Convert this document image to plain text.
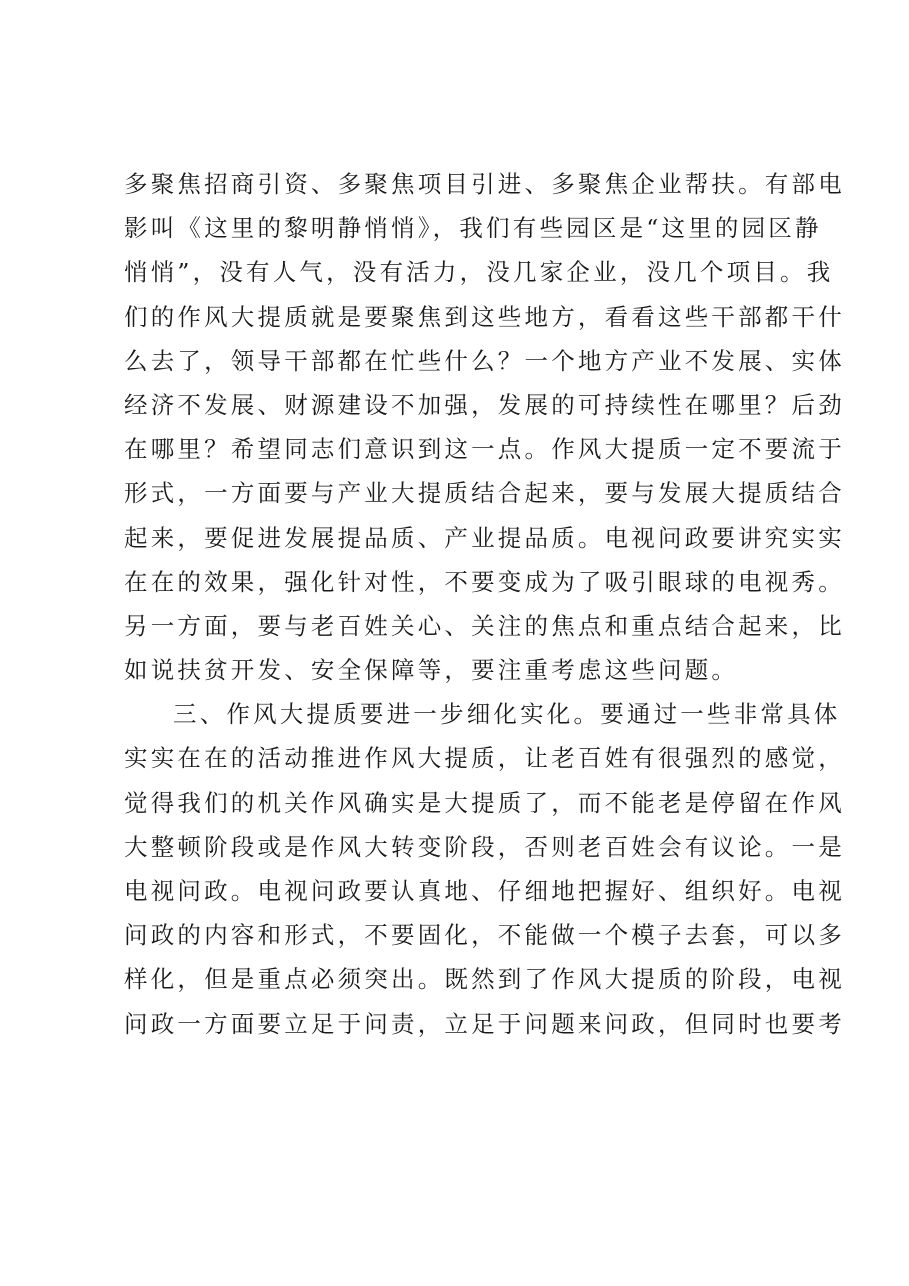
多聚焦招商引资、多聚焦项目引进、多聚焦企业帮扶。有部电
影叫《这里的黎明静悄悄》，我们有些园区是“这里的园区静
悄悄”，没有人气，没有活力，没几家企业，没几个项目。我
们的作风大提质就是要聚焦到这些地方，看看这些干部都干什
么去了，领导干部都在忙些什么？一个地方产业不发展、实体
经济不发展、财源建设不加强，发展的可持续性在哪里？后劲
在哪里？希望同志们意识到这一点。作风大提质一定不要流于
形式，一方面要与产业大提质结合起来，要与发展大提质结合
起来，要促进发展提品质、产业提品质。电视问政要讲究实实
在在的效果，强化针对性，不要变成为了吸引眼球的电视秀。
另一方面，要与老百姓关心、关注的焦点和重点结合起来，比
如说扶贫开发、安全保障等，要注重考虑这些问题。
三、作风大提质要进一步细化实化。要通过一些非常具体
实实在在的活动推进作风大提质，让老百姓有很强烈的感觉，
觉得我们的机关作风确实是大提质了，而不能老是停留在作风
大整顿阶段或是作风大转变阶段，否则老百姓会有议论。一是
电视问政。电视问政要认真地、仔细地把握好、组织好。电视
问政的内容和形式，不要固化，不能做一个模子去套，可以多
样化，但是重点必须突出。既然到了作风大提质的阶段，电视
问政一方面要立足于问责，立足于问题来问政，但同时也要考
